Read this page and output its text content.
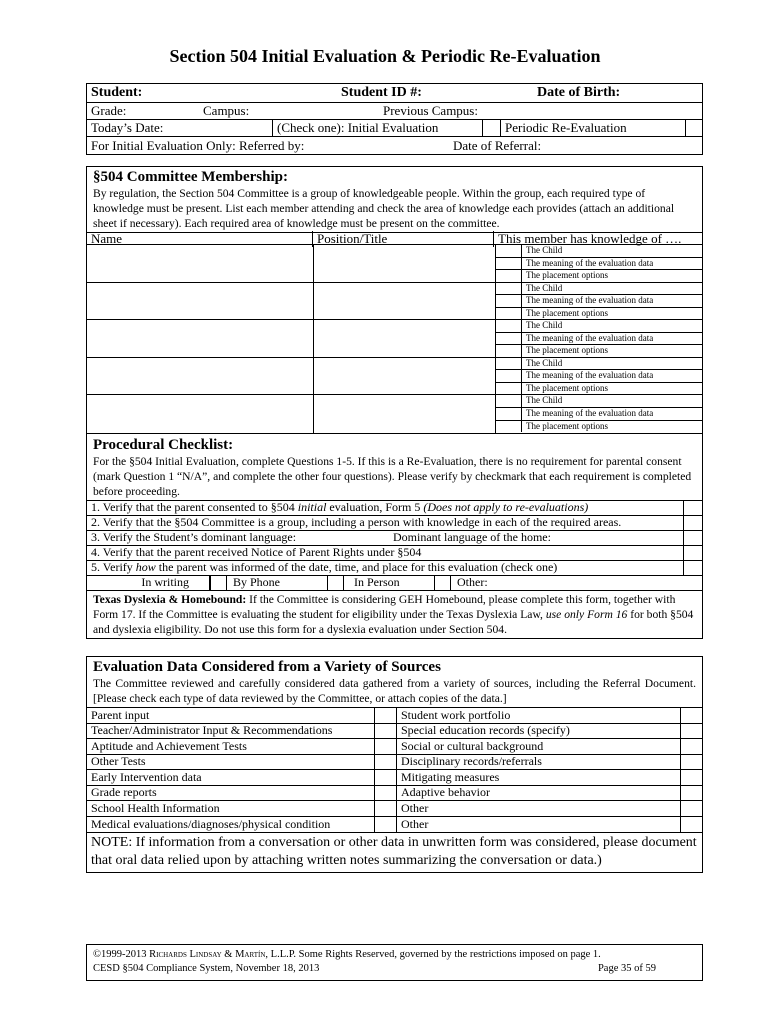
Section 504 Initial Evaluation & Periodic Re-Evaluation
Student:	Student ID #:	Date of Birth:
Grade:	Campus:	Previous Campus:
Today’s Date:	(Check one): Initial Evaluation	Periodic Re-Evaluation
For Initial Evaluation Only: Referred by:	Date of Referral:
§504 Committee Membership:
By regulation, the Section 504 Committee is a group of knowledgeable people. Within the group, each required type of knowledge must be present. List each member attending and check the area of knowledge each provides (attach an additional sheet if necessary). Each required area of knowledge must be present on the committee.
Name	Position/Title	This member has knowledge of ….
The Child
The meaning of the evaluation data
The placement options
The Child
The meaning of the evaluation data
The placement options
The Child
The meaning of the evaluation data
The placement options
The Child
The meaning of the evaluation data
The placement options
The Child
The meaning of the evaluation data
The placement options
Procedural Checklist:
For the §504 Initial Evaluation, complete Questions 1-5. If this is a Re-Evaluation, there is no requirement for parental consent (mark Question 1 “N/A”, and complete the other four questions). Please verify by checkmark that each requirement is completed before proceeding.
1. Verify that the parent consented to §504 initial evaluation, Form 5 (Does not apply to re-evaluations)
2. Verify that the §504 Committee is a group, including a person with knowledge in each of the required areas.
3. Verify the Student’s dominant language:	Dominant language of the home:
4. Verify that the parent received Notice of Parent Rights under §504
5. Verify how the parent was informed of the date, time, and place for this evaluation (check one)
In writing	By Phone	In Person	Other:
Texas Dyslexia & Homebound: If the Committee is considering GEH Homebound, please complete this form, together with Form 17. If the Committee is evaluating the student for eligibility under the Texas Dyslexia Law, use only Form 16 for both §504 and dyslexia eligibility. Do not use this form for a dyslexia evaluation under Section 504.
Evaluation Data Considered from a Variety of Sources
The Committee reviewed and carefully considered data gathered from a variety of sources, including the Referral Document. [Please check each type of data reviewed by the Committee, or attach copies of the data.]
Parent input	Student work portfolio
Teacher/Administrator Input & Recommendations	Special education records (specify)
Aptitude and Achievement Tests	Social or cultural background
Other Tests	Disciplinary records/referrals
Early Intervention data	Mitigating measures
Grade reports	Adaptive behavior
School Health Information	Other
Medical evaluations/diagnoses/physical condition	Other
NOTE: If information from a conversation or other data in unwritten form was considered, please document that oral data relied upon by attaching written notes summarizing the conversation or data.)
©1999-2013 Richards Lindsay & Martín, L.L.P. Some Rights Reserved, governed by the restrictions imposed on page 1.
CESD §504 Compliance System, November 18, 2013	Page 35 of 59
